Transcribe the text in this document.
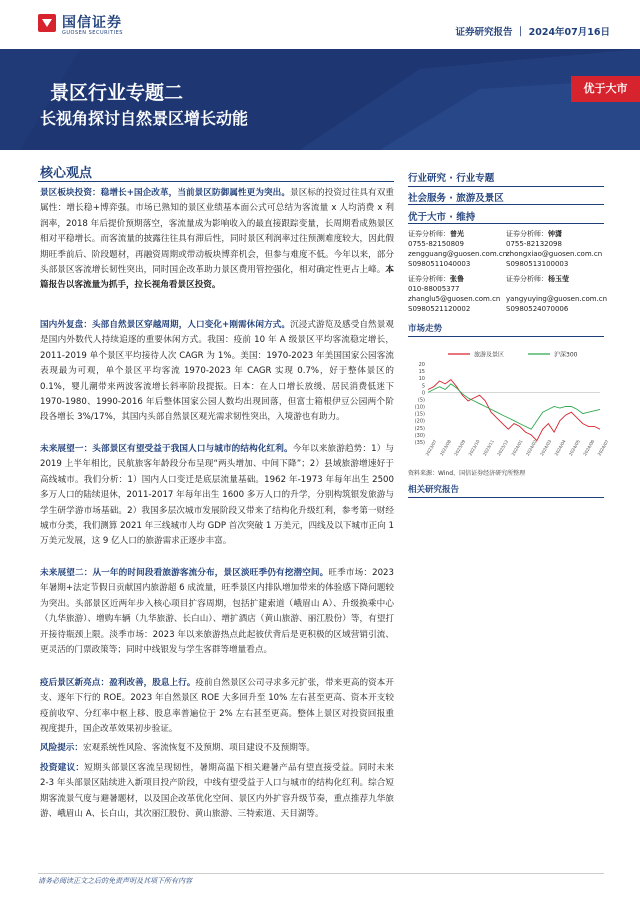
国信证券
GUOSEN SECURITIES	证券研究报告 ｜ 2024年07月16日
景区行业专题二
长视角探讨自然景区增长动能
优于大市
核心观点
景区板块投资：稳增长+国企改革，当前景区防御属性更为突出。景区标的投资过往具有双重属性：增长稳+博弈强。市场已熟知的景区业绩基本面公式可总结为客流量 x 人均消费 x 利润率，2018 年后提价预期落空，客流量成为影响收入的最直接跟踪变量，长周期看成熟景区相对平稳增长。而客流量的披露往往具有滞后性，同时景区利润率过往预测难度较大，因此假期旺季前后、阶段题材，再融资周期或带动板块博弈机会，但参与难度不低。今年以来，部分头部景区客流增长韧性突出，同时国企改革助力景区费用管控强化，相对确定性更占上峰。本篇报告以客流量为抓手，拉长视角看景区投资。
国内外复盘：头部自然景区穿越周期，人口变化+刚需休闲方式。沉浸式游览及感受自然景观是国内外数代人持续追逐的重要休闲方式。我国：疫前 10 年 A 级景区平均客流稳定增长，2011-2019 单个景区平均接待人次 CAGR 为 1%。美国：1970-2023 年美国国家公园客流表现最为可观，单个景区平均客流 1970-2023 年 CAGR 实现 0.7%，好于整体景区的 0.1%，婴儿潮带来两波客流增长斜率阶段提振。日本：在人口增长放缓、居民消费低迷下 1970-1980、1990-2016 年后整体国家公园人数均出现回落，但富士箱根伊豆公园两个阶段各增长 3%/17%，其国内头部自然景区观光需求韧性突出，入境游也有助力。
未来展望一：头部景区有望受益于我国人口与城市的结构化红利。今年以来旅游趋势：1）与 2019 上半年相比，民航旅客年龄段分布呈现“两头增加、中间下降”；2）县域旅游增速好于高线城市。我们分析：1）国内人口变迁是底层流量基础。1962 年-1973 年每年出生 2500 多万人口的陆续退休，2011-2017 年每年出生 1600 多万人口的升学，分别构筑银发旅游与学生研学游市场基础。2）我国多层次城市发展阶段又带来了结构化升级红利，参考第一财经城市分类，我们测算 2021 年三线城市人均 GDP 首次突破 1 万美元，四线及以下城市正向 1 万美元发展，这 9 亿人口的旅游需求正逐步丰富。
未来展望二：从一年的时间段看旅游客流分布，景区淡旺季仍有挖潜空间。旺季市场：2023 年暑期+法定节假日贡献国内旅游超 6 成流量，旺季景区内排队增加带来的体验感下降问题较为突出。头部景区近两年步入核心项目扩容周期，包括扩建索道（峨眉山 A）、升级换乘中心（九华旅游）、增购车辆（九华旅游、长白山）、增扩酒店（黄山旅游、丽江股份）等，有望打开接待瓶颈上限。淡季市场：2023 年以来旅游热点此起彼伏背后是更积极的区域营销引流、更灵活的门票政策等；同时中线银发与学生客群等增量看点。
疫后景区新亮点：盈利改善，股息上行。疫前自然景区公司寻求多元扩张，带来更高的资本开支、逐年下行的 ROE。2023 年自然景区 ROE 大多回升至 10% 左右甚至更高、资本开支较疫前收窄、分红率中枢上移、股息率普遍位于 2% 左右甚至更高。整体上景区对投资回报重视度提升，国企改革效果初步验证。
风险提示：宏观系统性风险、客流恢复不及预期、项目建设不及预期等。
投资建议：短期头部景区客流呈现韧性，暑期高温下相关避暑产品有望直接受益。同时未来 2-3 年头部景区陆续进入新项目投产阶段，中线有望受益于人口与城市的结构化红利。综合短期客流景气度与避暑题材，以及国企改革优化空间、景区内外扩容升级节奏，重点推荐九华旅游、峨眉山 A、长白山，其次丽江股份、黄山旅游、三特索道、天目湖等。
行业研究 · 行业专题
社会服务 · 旅游及景区
优于大市 · 维持
证券分析师：曾光
0755-82150809
zengguang@guosen.com.cn
S0980511040003
证券分析师：钟潇
0755-82132098
zhongxiao@guosen.com.cn
S0980513100003
证券分析师：张鲁
010-88005377
zhanglu5@guosen.com.cn
S0980521120002
证券分析师：杨玉莹
yangyuying@guosen.com.cn
S0980524070006
市场走势
旅游及景区	沪深300
20
15
10
5
0
(5)
(10)
(15)
(20)
(25)
(30)
(35) 2023/07 2023/08 2023/09 2023/10 2023/11 2023/12 2024/01 2024/02 2024/03 2024/04 2024/05 2024/06 2024/07
资料来源：Wind、国信证券经济研究所整理
相关研究报告
请务必阅读正文之后的免责声明及其项下所有内容
